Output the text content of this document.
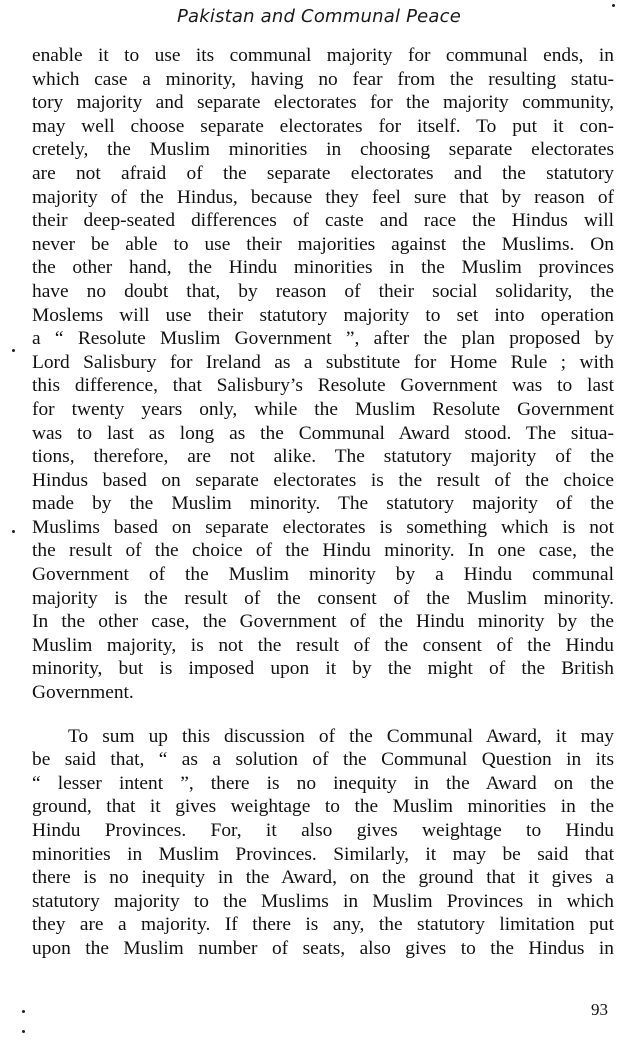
Pakistan and Communal Peace
enable it to use its communal majority for communal ends, in
which case a minority, having no fear from the resulting statu-
tory majority and separate electorates for the majority community,
may well choose separate electorates for itself. To put it con-
cretely, the Muslim minorities in choosing separate electorates
are not afraid of the separate electorates and the statutory
majority of the Hindus, because they feel sure that by reason of
their deep-seated differences of caste and race the Hindus will
never be able to use their majorities against the Muslims. On
the other hand, the Hindu minorities in the Muslim provinces
have no doubt that, by reason of their social solidarity, the
Moslems will use their statutory majority to set into operation
a “ Resolute Muslim Government ”, after the plan proposed by
Lord Salisbury for Ireland as a substitute for Home Rule ; with
this difference, that Salisbury’s Resolute Government was to last
for twenty years only, while the Muslim Resolute Government
was to last as long as the Communal Award stood. The situa-
tions, therefore, are not alike. The statutory majority of the
Hindus based on separate electorates is the result of the choice
made by the Muslim minority. The statutory majority of the
Muslims based on separate electorates is something which is not
the result of the choice of the Hindu minority. In one case, the
Government of the Muslim minority by a Hindu communal
majority is the result of the consent of the Muslim minority.
In the other case, the Government of the Hindu minority by the
Muslim majority, is not the result of the consent of the Hindu
minority, but is imposed upon it by the might of the British
Government.
To sum up this discussion of the Communal Award, it may
be said that, “ as a solution of the Communal Question in its
“ lesser intent ”, there is no inequity in the Award on the
ground, that it gives weightage to the Muslim minorities in the
Hindu Provinces. For, it also gives weightage to Hindu
minorities in Muslim Provinces. Similarly, it may be said that
there is no inequity in the Award, on the ground that it gives a
statutory majority to the Muslims in Muslim Provinces in which
they are a majority. If there is any, the statutory limitation put
upon the Muslim number of seats, also gives to the Hindus in
93
